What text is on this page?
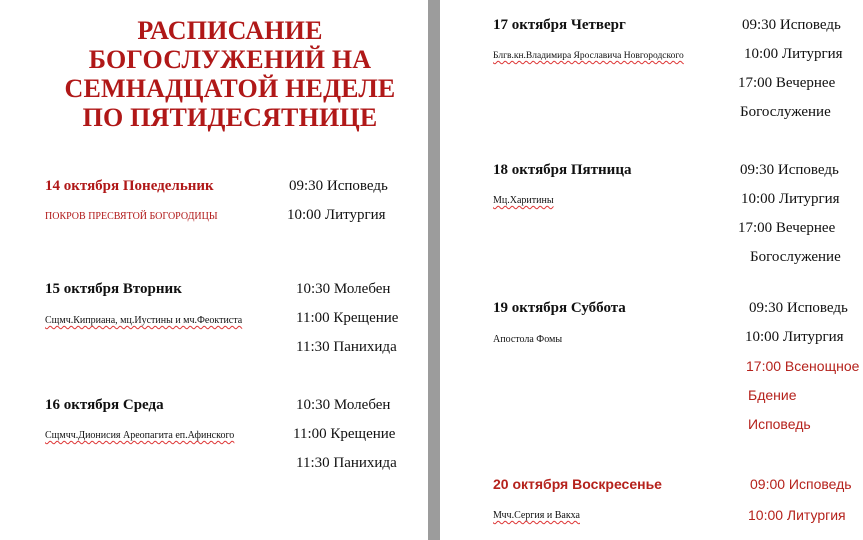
РАСПИСАНИЕ
БОГОСЛУЖЕНИЙ НА
СЕМНАДЦАТОЙ НЕДЕЛЕ
ПО ПЯТИДЕСЯТНИЦЕ
14 октября Понедельник
ПОКРОВ ПРЕСВЯТОЙ БОГОРОДИЦЫ
09:30 Исповедь
10:00 Литургия
15 октября Вторник
Сщмч.Киприана, мц.Иустины и мч.Феоктиста
10:30 Молебен
11:00 Крещение
11:30 Панихида
16 октября Среда
Сщмчч.Дионисия Ареопагита еп.Афинского
10:30 Молебен
11:00 Крещение
11:30 Панихида
17 октября Четверг
Блгв.кн.Владимира Ярославича Новгородского
09:30 Исповедь
10:00 Литургия
17:00 Вечернее
Богослужение
18 октября Пятница
Мц.Харитины
09:30 Исповедь
10:00 Литургия
17:00 Вечернее
Богослужение
19 октября Суббота
Апостола Фомы
09:30 Исповедь
10:00 Литургия
17:00 Всенощное
Бдение
Исповедь
20 октября Воскресенье
Мчч.Сергия и Вакха
09:00 Исповедь
10:00 Литургия
